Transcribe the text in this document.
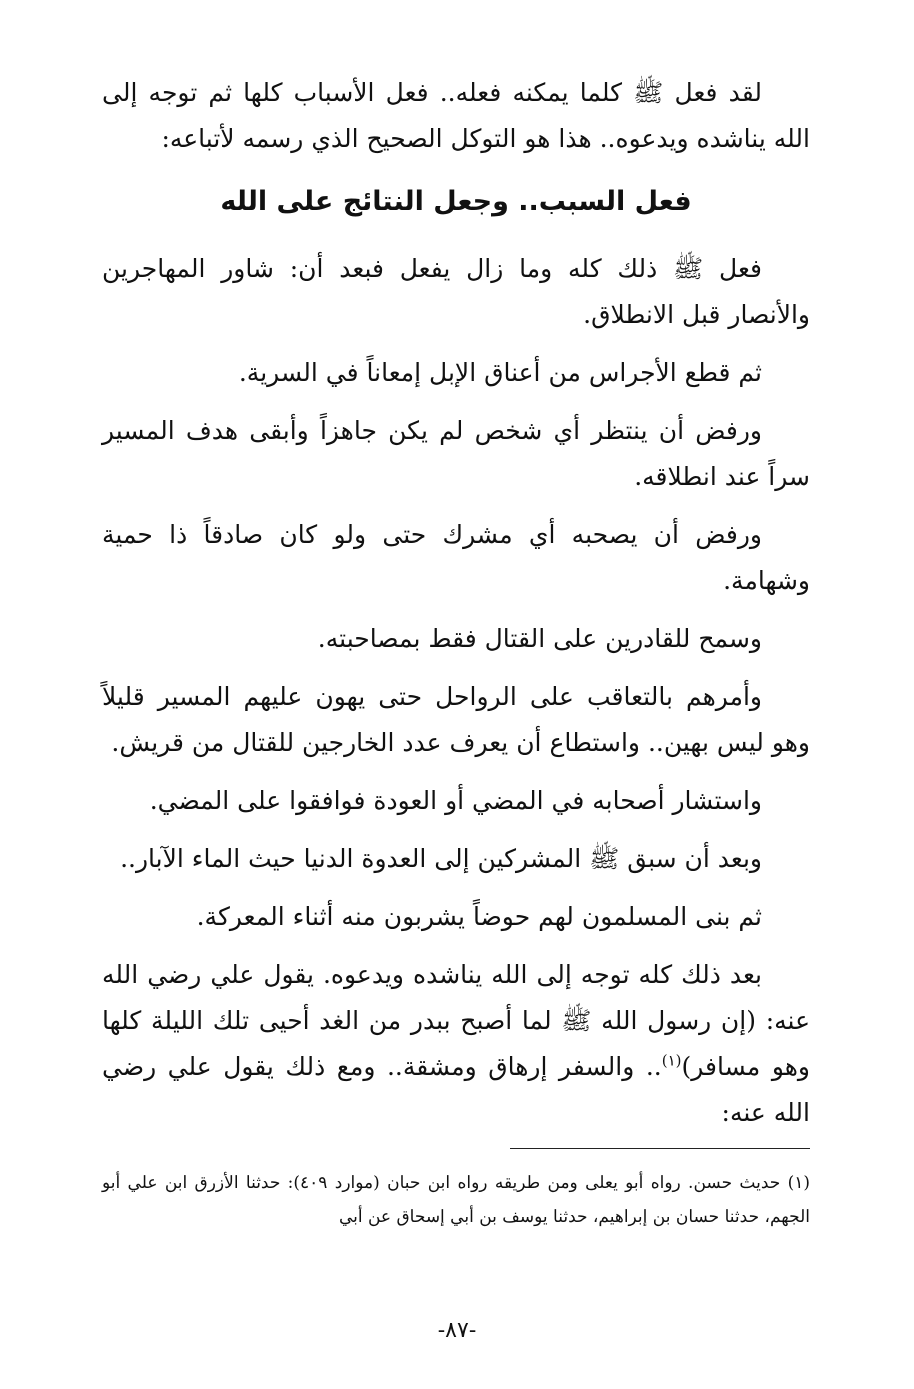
لقد فعل ﷺ كلما يمكنه فعله.. فعل الأسباب كلها ثم توجه إلى الله يناشده ويدعوه.. هذا هو التوكل الصحيح الذي رسمه لأتباعه:

فعل السبب.. وجعل النتائج على الله

فعل ﷺ ذلك كله وما زال يفعل فبعد أن: شاور المهاجرين والأنصار قبل الانطلاق.

ثم قطع الأجراس من أعناق الإبل إمعاناً في السرية.

ورفض أن ينتظر أي شخص لم يكن جاهزاً وأبقى هدف المسير سراً عند انطلاقه.

ورفض أن يصحبه أي مشرك حتى ولو كان صادقاً ذا حمية وشهامة.

وسمح للقادرين على القتال فقط بمصاحبته.

وأمرهم بالتعاقب على الرواحل حتى يهون عليهم المسير قليلاً وهو ليس بهين.. واستطاع أن يعرف عدد الخارجين للقتال من قريش.

واستشار أصحابه في المضي أو العودة فوافقوا على المضي.

وبعد أن سبق ﷺ المشركين إلى العدوة الدنيا حيث الماء الآبار..

ثم بنى المسلمون لهم حوضاً يشربون منه أثناء المعركة.

بعد ذلك كله توجه إلى الله يناشده ويدعوه. يقول علي رضي الله عنه: (إن رسول الله ﷺ لما أصبح ببدر من الغد أحيى تلك الليلة كلها وهو مسافر)$^{(١)}$.. والسفر إرهاق ومشقة.. ومع ذلك يقول علي رضي الله عنه:

(١) حديث حسن. رواه أبو يعلى ومن طريقه رواه ابن حبان (موارد ٤٠٩): حدثنا الأزرق ابن علي أبو الجهم، حدثنا حسان بن إبراهيم، حدثنا يوسف بن أبي إسحاق عن أبي

-٨٧-
